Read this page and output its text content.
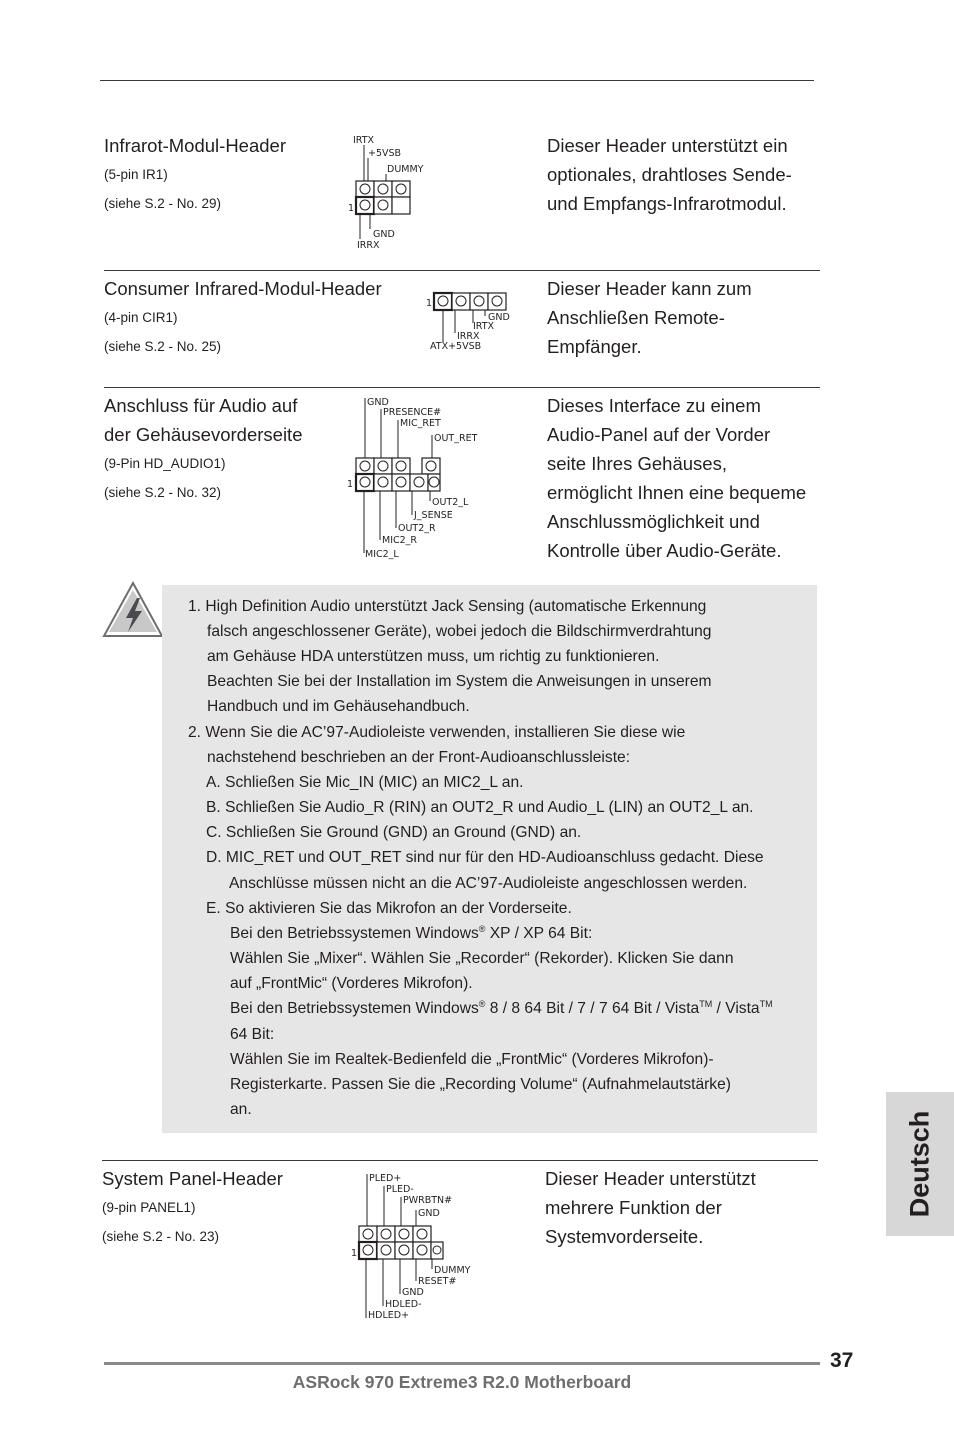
Infrarot-Modul-Header
(5-pin IR1)
(siehe S.2 - No. 29)
IRTX
+5VSB
DUMMY
1
GND
IRRX
Dieser Header unterstützt ein
optionales, drahtloses Sende-
und Empfangs-Infrarotmodul.
Consumer Infrared-Modul-Header
(4-pin CIR1)
(siehe S.2 - No. 25)
1
GND
IRTX
IRRX
ATX+5VSB
Dieser Header kann zum
Anschließen Remote-
Empfänger.
Anschluss für Audio auf
der Gehäusevorderseite
(9-Pin HD_AUDIO1)
(siehe S.2 - No. 32)
GND
PRESENCE#
MIC_RET
OUT_RET
1
OUT2_L
J_SENSE
OUT2_R
MIC2_R
MIC2_L
Dieses Interface zu einem
Audio-Panel auf der Vorder
seite Ihres Gehäuses,
ermöglicht Ihnen eine bequeme
Anschlussmöglichkeit und
Kontrolle über Audio-Geräte.
1. High Definition Audio unterstützt Jack Sensing (automatische Erkennung
falsch angeschlossener Geräte), wobei jedoch die Bildschirmverdrahtung
am Gehäuse HDA unterstützen muss, um richtig zu funktionieren.
Beachten Sie bei der Installation im System die Anweisungen in unserem
Handbuch und im Gehäusehandbuch.
2. Wenn Sie die AC’97-Audioleiste verwenden, installieren Sie diese wie
nachstehend beschrieben an der Front-Audioanschlussleiste:
A. Schließen Sie Mic_IN (MIC) an MIC2_L an.
B. Schließen Sie Audio_R (RIN) an OUT2_R und Audio_L (LIN) an OUT2_L an.
C. Schließen Sie Ground (GND) an Ground (GND) an.
D. MIC_RET und OUT_RET sind nur für den HD-Audioanschluss gedacht. Diese
Anschlüsse müssen nicht an die AC’97-Audioleiste angeschlossen werden.
E. So aktivieren Sie das Mikrofon an der Vorderseite.
Bei den Betriebssystemen Windows® XP / XP 64 Bit:
Wählen Sie „Mixer“. Wählen Sie „Recorder“ (Rekorder). Klicken Sie dann
auf „FrontMic“ (Vorderes Mikrofon).
Bei den Betriebssystemen Windows® 8 / 8 64 Bit / 7 / 7 64 Bit / Vista™ / Vista™
64 Bit:
Wählen Sie im Realtek-Bedienfeld die „FrontMic“ (Vorderes Mikrofon)-
Registerkarte. Passen Sie die „Recording Volume“ (Aufnahmelautstärke)
an.
System Panel-Header
(9-pin PANEL1)
(siehe S.2 - No. 23)
PLED+
PLED-
PWRBTN#
GND
1
DUMMY
RESET#
GND
HDLED-
HDLED+
Dieser Header unterstützt
mehrere Funktion der
Systemvorderseite.
Deutsch
37
ASRock 970 Extreme3 R2.0 Motherboard
